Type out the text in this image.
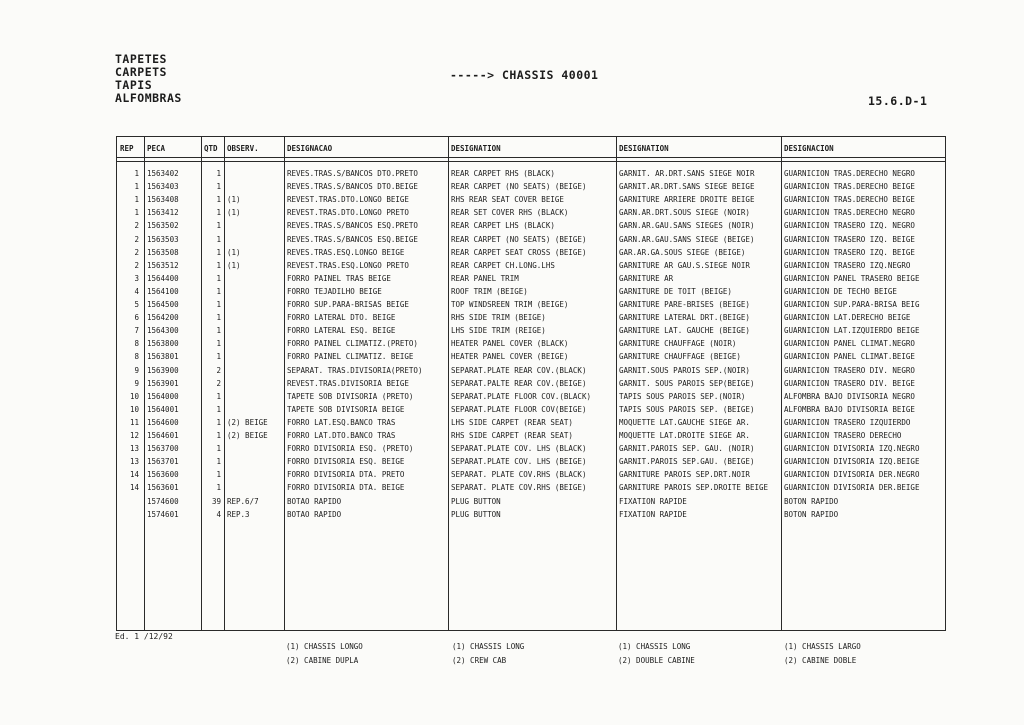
TAPETES
CARPETS
TAPIS
ALFOMBRAS
-----> CHASSIS 40001
15.6.D-1
REP PECA	QTD OBSERV.	DESIGNACAO	DESIGNATION	DESIGNATION	DESIGNACION
1 1563402	1	REVES.TRAS.S/BANCOS DTO.PRETO	REAR CARPET RHS (BLACK)	GARNIT. AR.DRT.SANS SIEGE NOIR	GUARNICION TRAS.DERECHO NEGRO
1 1563403	1	REVES.TRAS.S/BANCOS DTO.BEIGE	REAR CARPET (NO SEATS) (BEIGE)	GARNIT.AR.DRT.SANS SIEGE BEIGE	GUARNICION TRAS.DERECHO BEIGE
1 1563408	1 (1)	REVEST.TRAS.DTO.LONGO BEIGE	RHS REAR SEAT COVER BEIGE	GARNITURE ARRIERE DROITE BEIGE	GUARNICION TRAS.DERECHO BEIGE
1 1563412	1 (1)	REVEST.TRAS.DTO.LONGO PRETO	REAR SET COVER RHS (BLACK)	GARN.AR.DRT.SOUS SIEGE (NOIR)	GUARNICION TRAS.DERECHO NEGRO
2 1563502	1	REVES.TRAS.S/BANCOS ESQ.PRETO	REAR CARPET LHS (BLACK)	GARN.AR.GAU.SANS SIEGES (NOIR)	GUARNICION TRASERO IZQ. NEGRO
2 1563503	1	REVES.TRAS.S/BANCOS ESQ.BEIGE	REAR CARPET (NO SEATS) (BEIGE)	GARN.AR.GAU.SANS SIEGE (BEIGE)	GUARNICION TRASERO IZQ. BEIGE
2 1563508	1 (1)	REVES.TRAS.ESQ.LONGO BEIGE	REAR CARPET SEAT CROSS (BEIGE)	GAR.AR.GA.SOUS SIEGE (BEIGE)	GUARNICION TRASERO IZQ. BEIGE
2 1563512	1 (1)	REVEST.TRAS.ESQ.LONGO PRETO	REAR CARPET CH.LONG.LHS	GARNITURE AR GAU.S.SIEGE NOIR	GUARNICION TRASERO IZQ.NEGRO
3 1564400	1	FORRO PAINEL TRAS BEIGE	REAR PANEL TRIM	GARNITURE AR	GUARNICION PANEL TRASERO BEIGE
4 1564100	1	FORRO TEJADILHO BEIGE	ROOF TRIM (BEIGE)	GARNITURE DE TOIT (BEIGE)	GUARNICION DE TECHO BEIGE
5 1564500	1	FORRO SUP.PARA-BRISAS BEIGE	TOP WINDSREEN TRIM (BEIGE)	GARNITURE PARE-BRISES (BEIGE)	GUARNICION SUP.PARA-BRISA BEIG
6 1564200	1	FORRO LATERAL DTO. BEIGE	RHS SIDE TRIM (BEIGE)	GARNITURE LATERAL DRT.(BEIGE)	GUARNICION LAT.DERECHO BEIGE
7 1564300	1	FORRO LATERAL ESQ. BEIGE	LHS SIDE TRIM (REIGE)	GARNITURE LAT. GAUCHE (BEIGE)	GUARNICION LAT.IZQUIERDO BEIGE
8 1563800	1	FORRO PAINEL CLIMATIZ.(PRETO)	HEATER PANEL COVER (BLACK)	GARNITURE CHAUFFAGE (NOIR)	GUARNICION PANEL CLIMAT.NEGRO
8 1563801	1	FORRO PAINEL CLIMATIZ. BEIGE	HEATER PANEL COVER (BEIGE)	GARNITURE CHAUFFAGE (BEIGE)	GUARNICION PANEL CLIMAT.BEIGE
9 1563900	2	SEPARAT. TRAS.DIVISORIA(PRETO)	SEPARAT.PLATE REAR COV.(BLACK)	GARNIT.SOUS PAROIS SEP.(NOIR)	GUARNICION TRASERO DIV. NEGRO
9 1563901	2	REVEST.TRAS.DIVISORIA BEIGE	SEPARAT.PALTE REAR COV.(BEIGE)	GARNIT. SOUS PAROIS SEP(BEIGE)	GUARNICION TRASERO DIV. BEIGE
10 1564000	1	TAPETE SOB DIVISORIA (PRETO)	SEPARAT.PLATE FLOOR COV.(BLACK)	TAPIS SOUS PAROIS SEP.(NOIR)	ALFOMBRA BAJO DIVISORIA NEGRO
10 1564001	1	TAPETE SOB DIVISORIA BEIGE	SEPARAT.PLATE FLOOR COV(BEIGE)	TAPIS SOUS PAROIS SEP. (BEIGE)	ALFOMBRA BAJO DIVISORIA BEIGE
11 1564600	1 (2) BEIGE	FORRO LAT.ESQ.BANCO TRAS	LHS SIDE CARPET (REAR SEAT)	MOQUETTE LAT.GAUCHE SIEGE AR.	GUARNICION TRASERO IZQUIERDO
12 1564601	1 (2) BEIGE	FORRO LAT.DTO.BANCO TRAS	RHS SIDE CARPET (REAR SEAT)	MOQUETTE LAT.DROITE SIEGE AR.	GUARNICION TRASERO DERECHO
13 1563700	1	FORRO DIVISORIA ESQ. (PRETO)	SEPARAT.PLATE COV. LHS (BLACK)	GARNIT.PAROIS SEP. GAU. (NOIR)	GUARNICION DIVISORIA IZQ.NEGRO
13 1563701	1	FORRO DIVISORIA ESQ. BEIGE	SEPARAT.PLATE COV. LHS (BEIGE)	GARNIT.PAROIS SEP.GAU. (BEIGE)	GUARNICION DIVISORIA IZQ.BEIGE
14 1563600	1	FORRO DIVISORIA DTA. PRETO	SEPARAT. PLATE COV.RHS (BLACK)	GARNITURE PAROIS SEP.DRT.NOIR	GUARNICION DIVISORIA DER.NEGRO
14 1563601	1	FORRO DIVISORIA DTA. BEIGE	SEPARAT. PLATE COV.RHS (BEIGE)	GARNITURE PAROIS SEP.DROITE BEIGE	GUARNICION DIVISORIA DER.BEIGE
1574600	39 REP.6/7	BOTAO RAPIDO	PLUG BUTTON	FIXATION RAPIDE	BOTON RAPIDO
1574601	4 REP.3	BOTAO RAPIDO	PLUG BUTTON	FIXATION RAPIDE	BOTON RAPIDO
Ed. 1 /12/92
(1) CHASSIS LONGO
(2) CABINE DUPLA
(1) CHASSIS LONG
(2) CREW CAB
(1) CHASSIS LONG
(2) DOUBLE CABINE
(1) CHASSIS LARGO
(2) CABINE DOBLE
